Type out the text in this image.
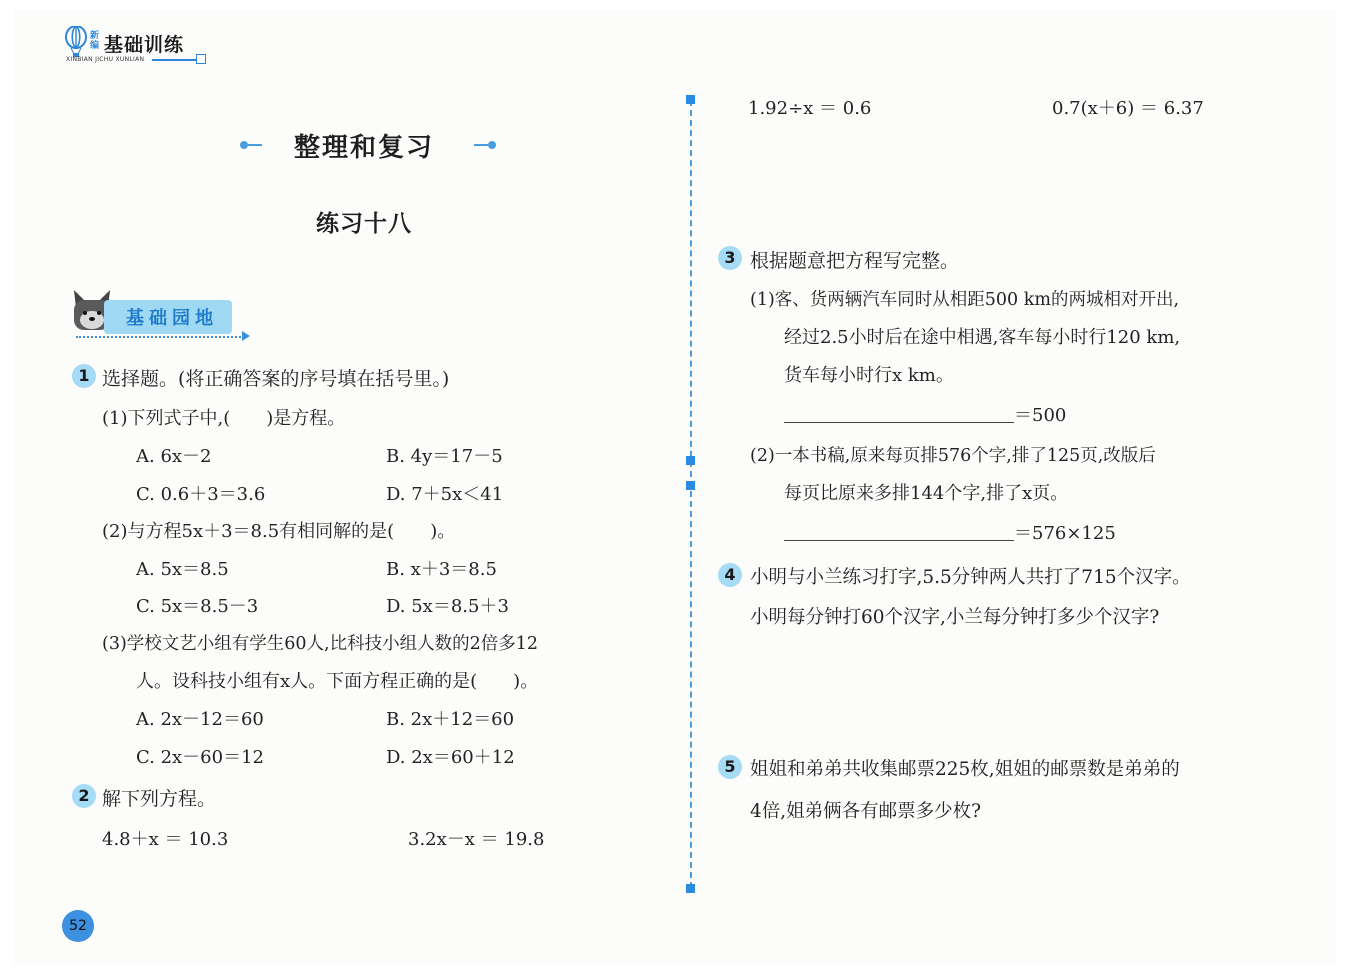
新编 基础训练
XINBIAN JICHU XUNLIAN
整理和复习
练习十八
基础园地
1 选择题。(将正确答案的序号填在括号里。)
(1)下列式子中,(　　)是方程。
A. 6x－2	B. 4y＝17－5
C. 0.6＋3＝3.6	D. 7＋5x＜41
(2)与方程5x＋3＝8.5有相同解的是(　　)。
A. 5x＝8.5	B. x＋3＝8.5
C. 5x＝8.5－3	D. 5x＝8.5＋3
(3)学校文艺小组有学生60人,比科技小组人数的2倍多12
人。设科技小组有x人。下面方程正确的是(　　)。
A. 2x－12＝60	B. 2x＋12＝60
C. 2x－60＝12	D. 2x＝60＋12
2 解下列方程。
4.8＋x ＝ 10.3	3.2x－x ＝ 19.8
1.92÷x ＝ 0.6	0.7(x＋6) ＝ 6.37
3 根据题意把方程写完整。
(1)客、货两辆汽车同时从相距500 km的两城相对开出,
经过2.5小时后在途中相遇,客车每小时行120 km,
货车每小时行x km。
＝500
(2)一本书稿,原来每页排576个字,排了125页,改版后
每页比原来多排144个字,排了x页。
＝576×125
4 小明与小兰练习打字,5.5分钟两人共打了715个汉字。
小明每分钟打60个汉字,小兰每分钟打多少个汉字?
5 姐姐和弟弟共收集邮票225枚,姐姐的邮票数是弟弟的
4倍,姐弟俩各有邮票多少枚?
52
